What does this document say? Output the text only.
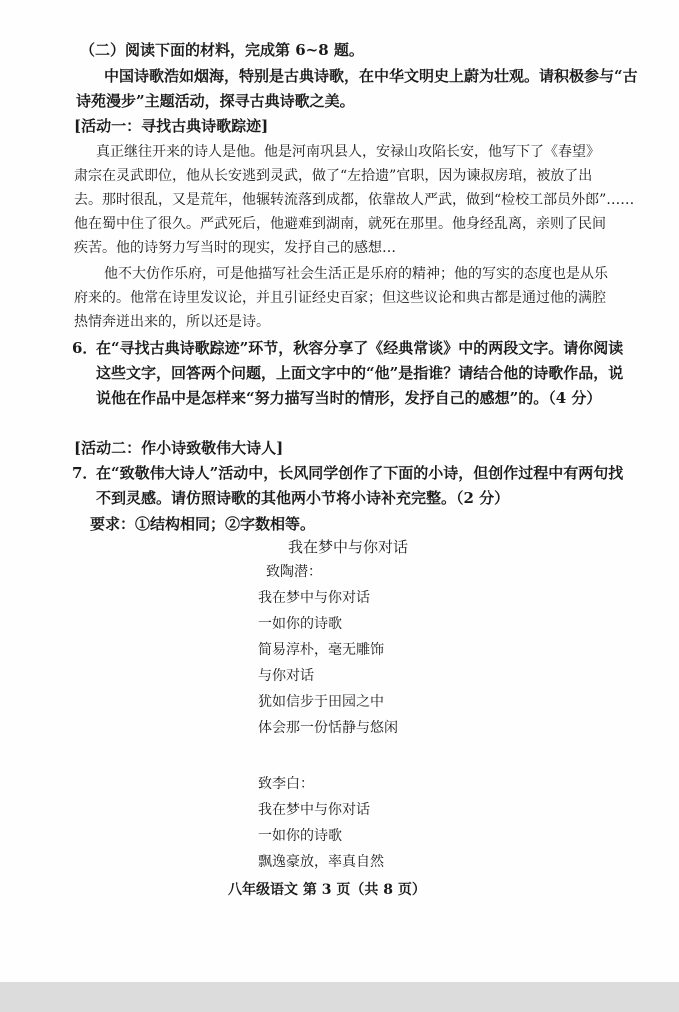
（二）阅读下面的材料，完成第 6~8 题。
中国诗歌浩如烟海，特别是古典诗歌，在中华文明史上蔚为壮观。请积极参与“古
诗苑漫步”主题活动，探寻古典诗歌之美。
[活动一：寻找古典诗歌踪迹]
真正继往开来的诗人是他。他是河南巩县人，安禄山攻陷长安，他写下了《春望》
肃宗在灵武即位，他从长安逃到灵武，做了“左拾遗”官职，因为谏叔房琯，被放了出
去。那时很乱，又是荒年，他辗转流落到成都，依靠故人严武，做到“检校工部员外郎”……
他在蜀中住了很久。严武死后，他避难到湖南，就死在那里。他身经乱离，亲则了民间
疾苦。他的诗努力写当时的现实，发抒自己的感想…
他不大仿作乐府，可是他描写社会生活正是乐府的精神；他的写实的态度也是从乐
府来的。他常在诗里发议论，并且引证经史百家；但这些议论和典古都是通过他的满腔
热情奔迸出来的，所以还是诗。
6．
在“寻找古典诗歌踪迹”环节，秋容分享了《经典常谈》中的两段文字。请你阅读
这些文字，回答两个问题，上面文字中的“他”是指谁？请结合他的诗歌作品，说
说他在作品中是怎样来“努力描写当时的情形，发抒自己的感想”的。（4 分）
[活动二：作小诗致敬伟大诗人]
7．
在“致敬伟大诗人”活动中，长风同学创作了下面的小诗，但创作过程中有两句找
不到灵感。请仿照诗歌的其他两小节将小诗补充完整。（2 分）
要求：①结构相同；②字数相等。
我在梦中与你对话
致陶潜：
我在梦中与你对话
一如你的诗歌
简易淳朴，毫无雕饰
与你对话
犹如信步于田园之中
体会那一份恬静与悠闲
致李白：
我在梦中与你对话
一如你的诗歌
飘逸豪放，率真自然
八年级语文 第 3 页（共 8 页）
